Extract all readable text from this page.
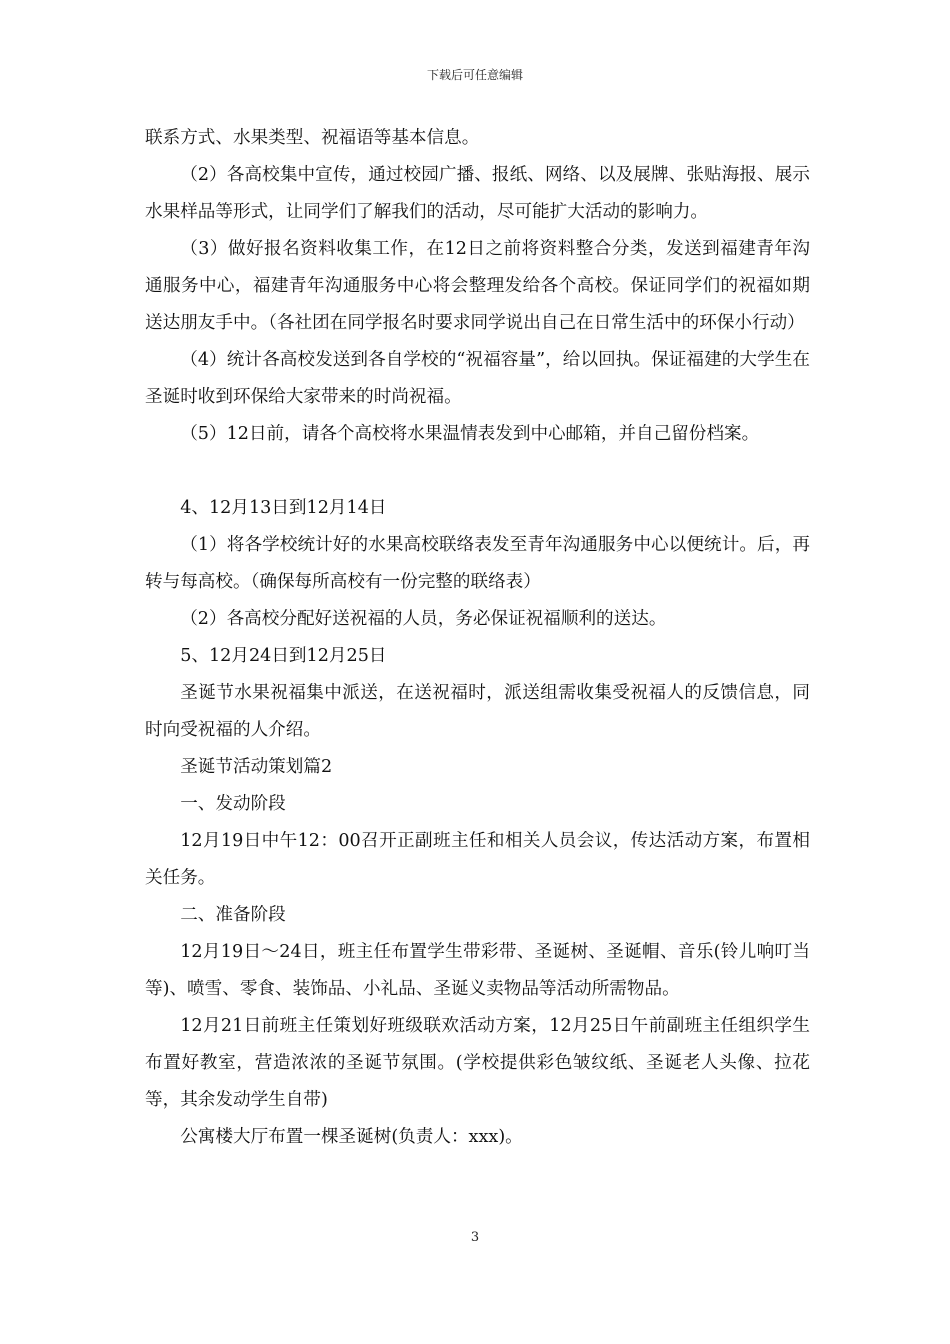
下载后可任意编辑

联系方式、水果类型、祝福语等基本信息。

（2）各高校集中宣传，通过校园广播、报纸、网络、以及展牌、张贴海报、展示水果样品等形式，让同学们了解我们的活动，尽可能扩大活动的影响力。

（3）做好报名资料收集工作，在12日之前将资料整合分类，发送到福建青年沟通服务中心，福建青年沟通服务中心将会整理发给各个高校。保证同学们的祝福如期送达朋友手中。（各社团在同学报名时要求同学说出自己在日常生活中的环保小行动）

（4）统计各高校发送到各自学校的“祝福容量”，给以回执。保证福建的大学生在圣诞时收到环保给大家带来的时尚祝福。

（5）12日前，请各个高校将水果温情表发到中心邮箱，并自己留份档案。

4、12月13日到12月14日

（1）将各学校统计好的水果高校联络表发至青年沟通服务中心以便统计。后，再转与每高校。（确保每所高校有一份完整的联络表）

（2）各高校分配好送祝福的人员，务必保证祝福顺利的送达。

5、12月24日到12月25日

圣诞节水果祝福集中派送，在送祝福时，派送组需收集受祝福人的反馈信息，同时向受祝福的人介绍。

圣诞节活动策划篇2

一、发动阶段

12月19日中午12：00召开正副班主任和相关人员会议，传达活动方案，布置相关任务。

二、准备阶段

12月19日～24日，班主任布置学生带彩带、圣诞树、圣诞帽、音乐(铃儿响叮当等)、喷雪、零食、装饰品、小礼品、圣诞义卖物品等活动所需物品。

12月21日前班主任策划好班级联欢活动方案，12月25日午前副班主任组织学生布置好教室，营造浓浓的圣诞节氛围。(学校提供彩色皱纹纸、圣诞老人头像、拉花等，其余发动学生自带)

公寓楼大厅布置一棵圣诞树(负责人：xxx)。

3
